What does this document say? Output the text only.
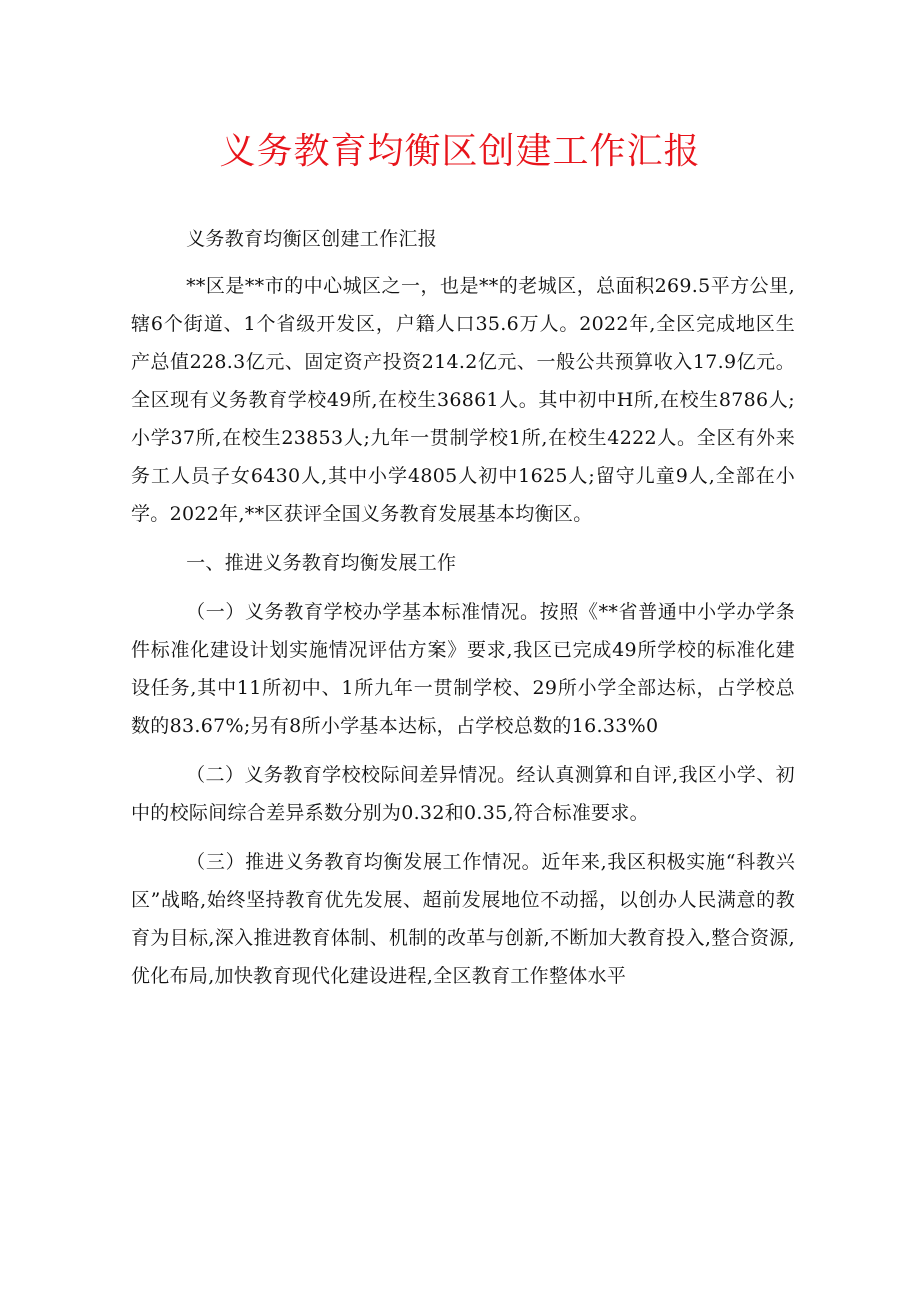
义务教育均衡区创建工作汇报

义务教育均衡区创建工作汇报

**区是**市的中心城区之一，也是**的老城区，总面积269.5平方公里,辖6个街道、1个省级开发区，户籍人口35.6万人。2022年,全区完成地区生产总值228.3亿元、固定资产投资214.2亿元、一般公共预算收入17.9亿元。全区现有义务教育学校49所,在校生36861人。其中初中H所,在校生8786人;小学37所,在校生23853人;九年一贯制学校1所,在校生4222人。全区有外来务工人员子女6430人,其中小学4805人初中1625人;留守儿童9人,全部在小学。2022年,**区获评全国义务教育发展基本均衡区。

一、推进义务教育均衡发展工作

（一）义务教育学校办学基本标准情况。按照《**省普通中小学办学条件标准化建设计划实施情况评估方案》要求,我区已完成49所学校的标准化建设任务,其中11所初中、1所九年一贯制学校、29所小学全部达标，占学校总数的83.67%;另有8所小学基本达标，占学校总数的16.33%0

（二）义务教育学校校际间差异情况。经认真测算和自评,我区小学、初中的校际间综合差异系数分别为0.32和0.35,符合标准要求。

（三）推进义务教育均衡发展工作情况。近年来,我区积极实施“科教兴区”战略,始终坚持教育优先发展、超前发展地位不动摇，以创办人民满意的教育为目标,深入推进教育体制、机制的改革与创新,不断加大教育投入,整合资源,优化布局,加快教育现代化建设进程,全区教育工作整体水平
